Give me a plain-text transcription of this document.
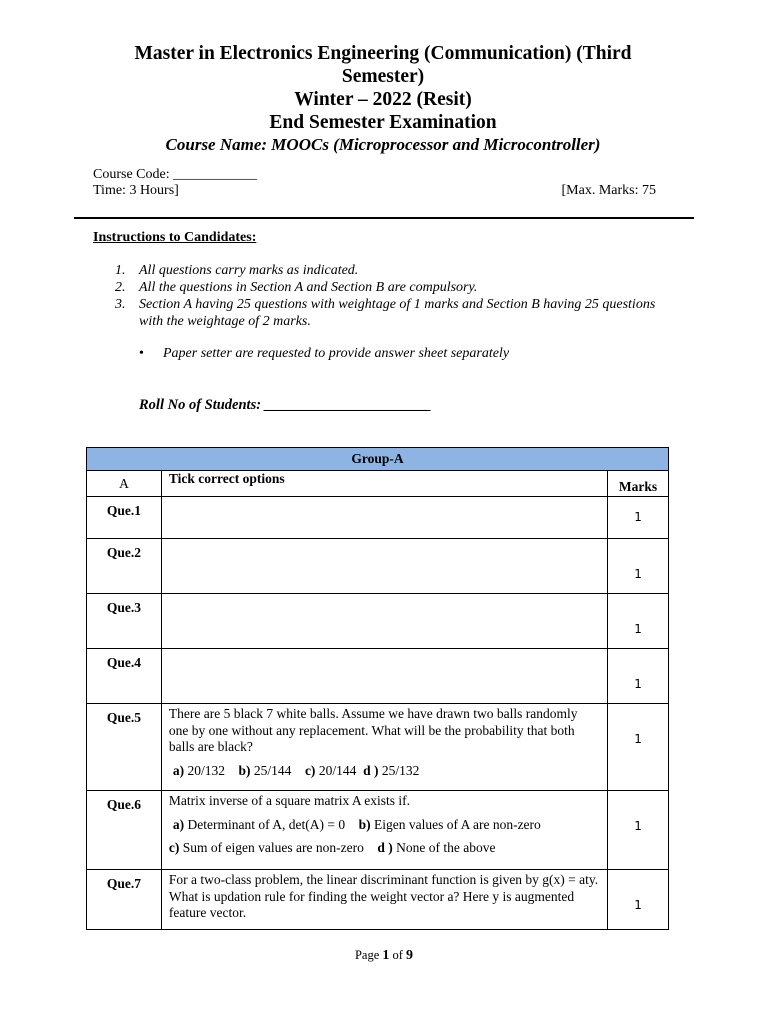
Master in Electronics Engineering (Communication) (Third
Semester)
Winter – 2022 (Resit)
End Semester Examination
Course Name: MOOCs (Microprocessor and Microcontroller)
Course Code: ____________
Time: 3 Hours]	[Max. Marks: 75
Instructions to Candidates:
1. All questions carry marks as indicated.
2. All the questions in Section A and Section B are compulsory.
3. Section A having 25 questions with weightage of 1 marks and Section B having 25 questions with the weightage of 2 marks.
•	Paper setter are requested to provide answer sheet separately
Roll No of Students: _______________________
Group-A		
A	Tick correct options	Marks
Que.1		1
Que.2		1
Que.3		1
Que.4		1
Que.5	There are 5 black 7 white balls. Assume we have drawn two balls randomly one by one without any replacement. What will be the probability that both balls are black?
a) 20/132 b) 25/144 c) 20/144 d ) 25/132	1
Que.6	Matrix inverse of a square matrix A exists if.
a) Determinant of A, det(A) = 0 b) Eigen values of A are non-zero
c) Sum of eigen values are non-zero d ) None of the above	1
Que.7	For a two-class problem, the linear discriminant function is given by g(x) = aty. What is updation rule for finding the weight vector a? Here y is augmented feature vector.	1
Page 1 of 9
